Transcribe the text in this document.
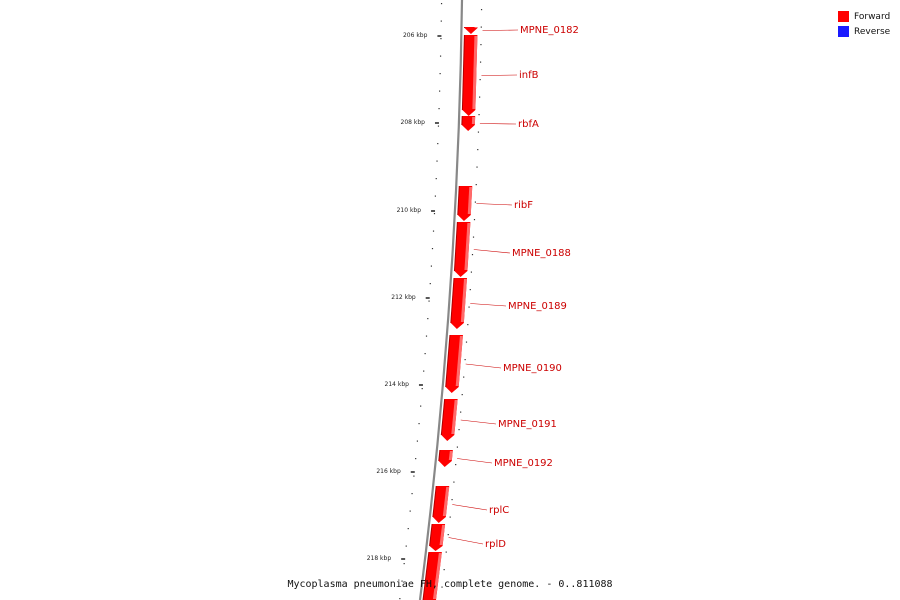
206 kbp
208 kbp
210 kbp
212 kbp
214 kbp
216 kbp
218 kbp
MPNE_0182
infB
rbfA
ribF
MPNE_0188
MPNE_0189
MPNE_0190
MPNE_0191
MPNE_0192
rplC
rplD
Mycoplasma pneumoniae FH, complete genome. - 0..811088
Forward
Reverse
